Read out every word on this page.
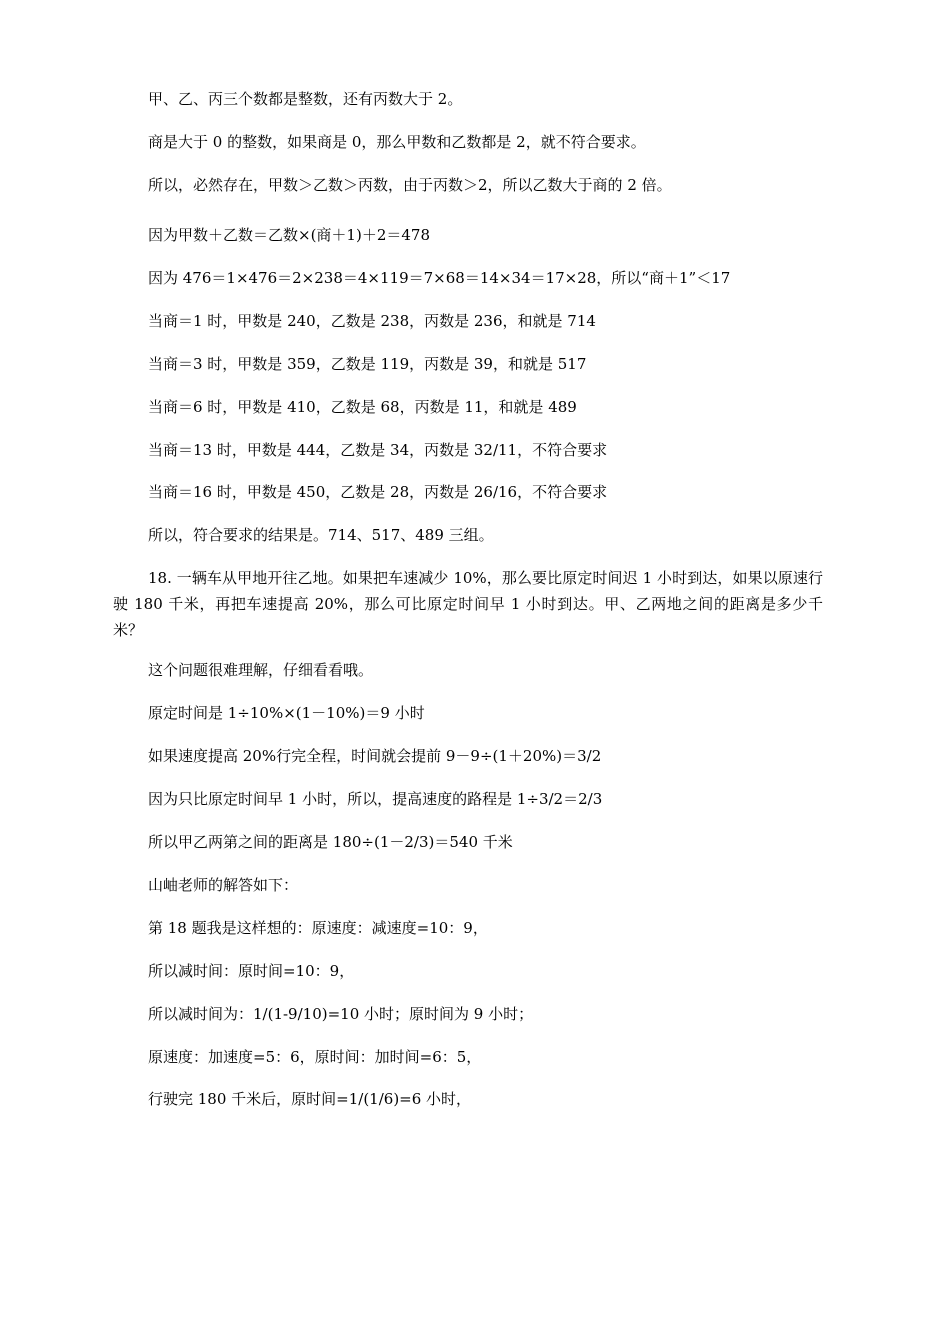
甲、乙、丙三个数都是整数，还有丙数大于 2。
商是大于 0 的整数，如果商是 0，那么甲数和乙数都是 2，就不符合要求。
所以，必然存在，甲数＞乙数＞丙数，由于丙数＞2，所以乙数大于商的 2 倍。
因为甲数＋乙数＝乙数×(商＋1)＋2＝478
因为 476＝1×476＝2×238＝4×119＝7×68＝14×34＝17×28，所以“商＋1”＜17
当商＝1 时，甲数是 240，乙数是 238，丙数是 236，和就是 714
当商＝3 时，甲数是 359，乙数是 119，丙数是 39，和就是 517
当商＝6 时，甲数是 410，乙数是 68，丙数是 11，和就是 489
当商＝13 时，甲数是 444，乙数是 34，丙数是 32/11，不符合要求
当商＝16 时，甲数是 450，乙数是 28，丙数是 26/16，不符合要求
所以，符合要求的结果是。714、517、489 三组。
18. 一辆车从甲地开往乙地。如果把车速减少 10%，那么要比原定时间迟 1 小时到达，如果以原速行驶 180 千米，再把车速提高 20%，那么可比原定时间早 1 小时到达。甲、乙两地之间的距离是多少千米？
这个问题很难理解，仔细看看哦。
原定时间是 1÷10%×(1－10%)＝9 小时
如果速度提高 20%行完全程，时间就会提前 9－9÷(1＋20%)＝3/2
因为只比原定时间早 1 小时，所以，提高速度的路程是 1÷3/2＝2/3
所以甲乙两第之间的距离是 180÷(1－2/3)＝540 千米
山岫老师的解答如下：
第 18 题我是这样想的：原速度：减速度=10：9，
所以减时间：原时间=10：9，
所以减时间为：1/(1-9/10)=10 小时；原时间为 9 小时；
原速度：加速度=5：6，原时间：加时间=6：5，
行驶完 180 千米后，原时间=1/(1/6)=6 小时，
